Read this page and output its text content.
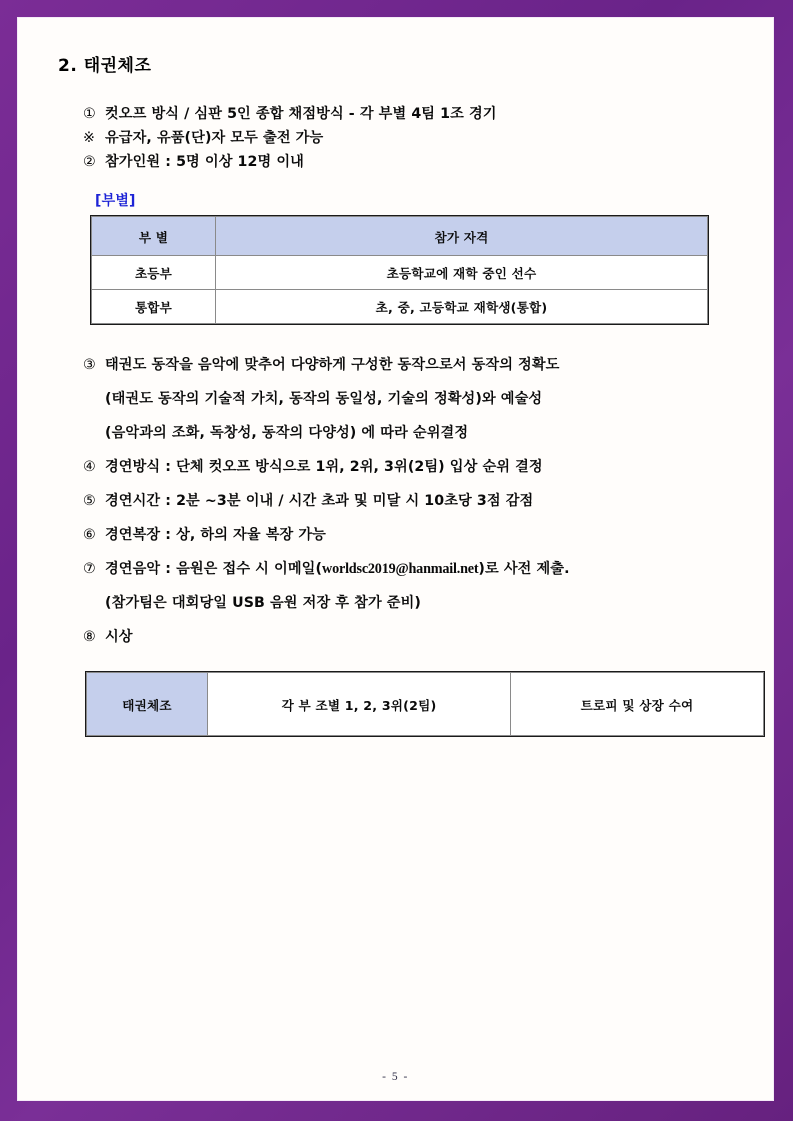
2. 태권체조
① 컷오프 방식 / 심판 5인 종합 채점방식 - 각 부별 4팀 1조 경기
※ 유급자, 유품(단)자 모두 출전 가능
② 참가인원 : 5명 이상 12명 이내
[부별]
부 별	참가 자격
초등부	초등학교에 재학 중인 선수
통합부	초, 중, 고등학교 재학생(통합)
③ 태권도 동작을 음악에 맞추어 다양하게 구성한 동작으로서 동작의 정확도
(태권도 동작의 기술적 가치, 동작의 동일성, 기술의 정확성)와 예술성
(음악과의 조화, 독창성, 동작의 다양성) 에 따라 순위결정
④ 경연방식 : 단체 컷오프 방식으로 1위, 2위, 3위(2팀) 입상 순위 결정
⑤ 경연시간 : 2분 ~3분 이내 / 시간 초과 및 미달 시 10초당 3점 감점
⑥ 경연복장 : 상, 하의 자율 복장 가능
⑦ 경연음악 : 음원은 접수 시 이메일(worldsc2019@hanmail.net)로 사전 제출.
(참가팀은 대회당일 USB 음원 저장 후 참가 준비)
⑧ 시상
태권체조	각 부 조별 1, 2, 3위(2팀)	트로피 및 상장 수여
- 5 -
